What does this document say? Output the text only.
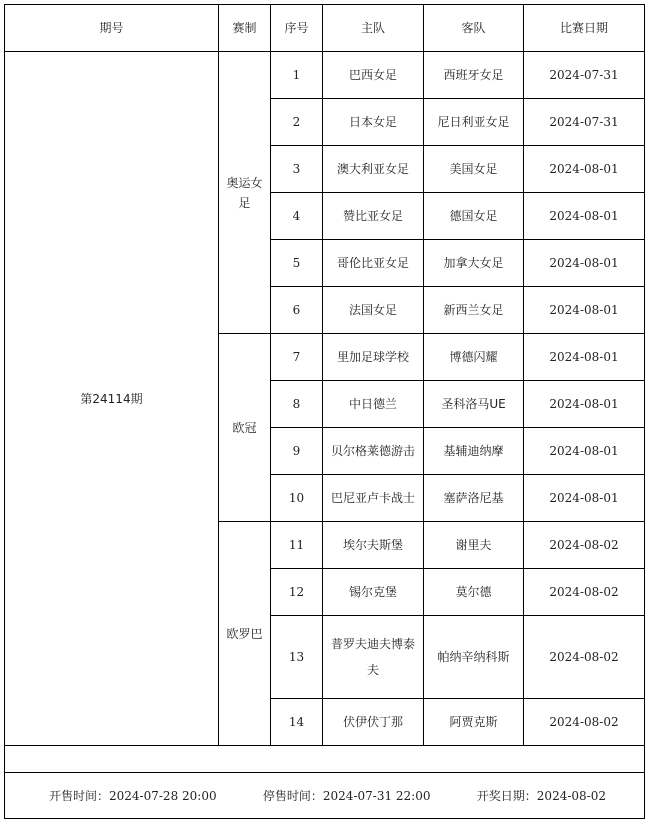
期号	赛制	序号	主队	客队	比赛日期
第24114期	奥运女足	1	巴西女足	西班牙女足	2024-07-31
		2	日本女足	尼日利亚女足	2024-07-31
		3	澳大利亚女足	美国女足	2024-08-01
		4	赞比亚女足	德国女足	2024-08-01
		5	哥伦比亚女足	加拿大女足	2024-08-01
		6	法国女足	新西兰女足	2024-08-01
	欧冠	7	里加足球学校	博德闪耀	2024-08-01
		8	中日德兰	圣科洛马UE	2024-08-01
		9	贝尔格莱德游击	基辅迪纳摩	2024-08-01
		10	巴尼亚卢卡战士	塞萨洛尼基	2024-08-01
	欧罗巴	11	埃尔夫斯堡	谢里夫	2024-08-02
		12	锡尔克堡	莫尔德	2024-08-02
		13	普罗夫迪夫博泰夫	帕纳辛纳科斯	2024-08-02
		14	伏伊伏丁那	阿贾克斯	2024-08-02

开售时间：2024-07-28 20:00 停售时间：2024-07-31 22:00 开奖日期：2024-08-02					
